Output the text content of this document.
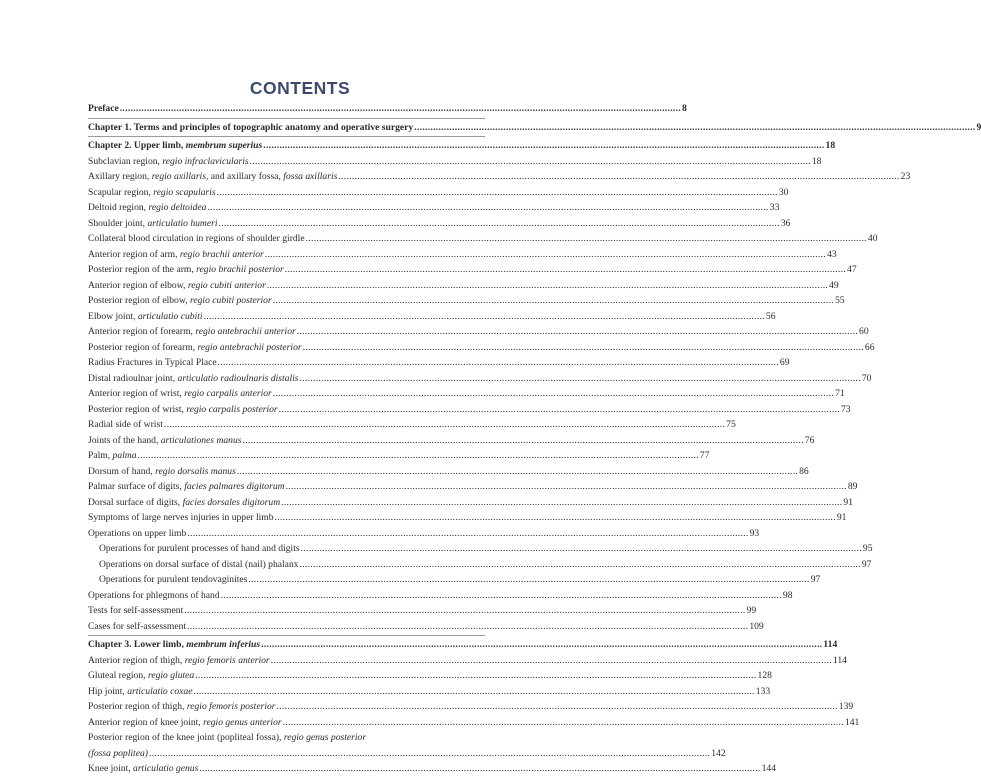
CONTENTS
Preface .....	8
Chapter 1. Terms and principles of topographic anatomy and operative surgery .....	9
Chapter 2. Upper limb, membrum superius .....	18
Subclavian region, regio infraclavicularis .....	18
Axillary region, regio axillaris, and axillary fossa, fossa axillaris .....	23
Scapular region, regio scapularis .....	30
Deltoid region, regio deltoidea .....	33
Shoulder joint, articulatio humeri .....	36
Collateral blood circulation in regions of shoulder girdle .....	40
Anterior region of arm, regio brachii anterior .....	43
Posterior region of the arm, regio brachii posterior .....	47
Anterior region of elbow, regio cubiti anterior .....	49
Posterior region of elbow, regio cubiti posterior .....	55
Elbow joint, articulatio cubiti .....	56
Anterior region of forearm, regio antebrachii anterior .....	60
Posterior region of forearm, regio antebrachii posterior .....	66
Radius Fractures in Typical Place .....	69
Distal radioulnar joint, articulatio radioulnaris distalis .....	70
Anterior region of wrist, regio carpalis anterior .....	71
Posterior region of wrist, regio carpalis posterior .....	73
Radial side of wrist .....	75
Joints of the hand, articulationes manus .....	76
Palm, palma .....	77
Dorsum of hand, regio dorsalis manus .....	86
Palmar surface of digits, facies palmares digitorum .....	89
Dorsal surface of digits, facies dorsales digitorum .....	91
Symptoms of large nerves injuries in upper limb .....	91
Operations on upper limb .....	93
Operations for purulent processes of hand and digits .....	95
Operations on dorsal surface of distal (nail) phalanx .....	97
Operations for purulent tendovaginites .....	97
Operations for phlegmons of hand .....	98
Tests for self-assessment .....	99
Cases for self-assessment .....	109
Chapter 3. Lower limb, membrum inferius .....	114
Anterior region of thigh, regio femoris anterior .....	114
Gluteal region, regio glutea .....	128
Hip joint, articulatio coxae .....	133
Posterior region of thigh, regio femoris posterior .....	139
Anterior region of knee joint, regio genus anterior .....	141
Posterior region of the knee joint (popliteal fossa), regio genus posterior
(fossa poplitea) .....	142
Knee joint, articulatio genus .....	144
